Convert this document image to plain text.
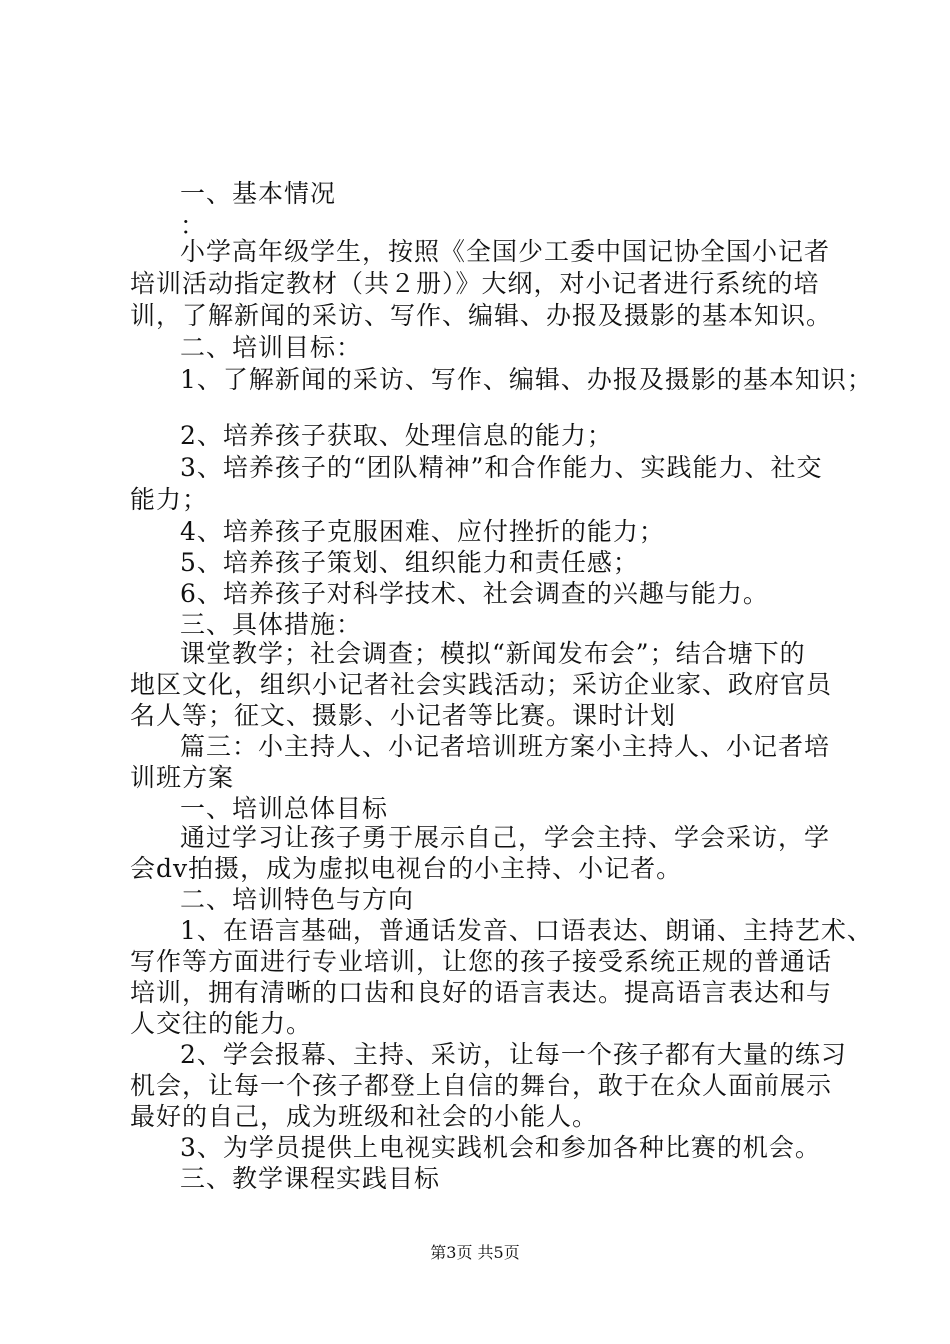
一、基本情况
：
小学高年级学生，按照《全国少工委中国记协全国小记者
培训活动指定教材（共２册）》大纲，对小记者进行系统的培
训，了解新闻的采访、写作、编辑、办报及摄影的基本知识。
二、培训目标：
1、了解新闻的采访、写作、编辑、办报及摄影的基本知识；
2、培养孩子获取、处理信息的能力；
3、培养孩子的“团队精神”和合作能力、实践能力、社交
能力；
4、培养孩子克服困难、应付挫折的能力；
5、培养孩子策划、组织能力和责任感；
6、培养孩子对科学技术、社会调查的兴趣与能力。
三、具体措施：
课堂教学；社会调查；模拟“新闻发布会”；结合塘下的
地区文化，组织小记者社会实践活动；采访企业家、政府官员
名人等；征文、摄影、小记者等比赛。课时计划
篇三：小主持人、小记者培训班方案小主持人、小记者培
训班方案
一、培训总体目标
通过学习让孩子勇于展示自己，学会主持、学会采访，学
会dv拍摄，成为虚拟电视台的小主持、小记者。
二、培训特色与方向
1、在语言基础，普通话发音、口语表达、朗诵、主持艺术、
写作等方面进行专业培训，让您的孩子接受系统正规的普通话
培训，拥有清晰的口齿和良好的语言表达。提高语言表达和与
人交往的能力。
2、学会报幕、主持、采访，让每一个孩子都有大量的练习
机会，让每一个孩子都登上自信的舞台，敢于在众人面前展示
最好的自己，成为班级和社会的小能人。
3、为学员提供上电视实践机会和参加各种比赛的机会。
三、教学课程实践目标
第3页 共5页
